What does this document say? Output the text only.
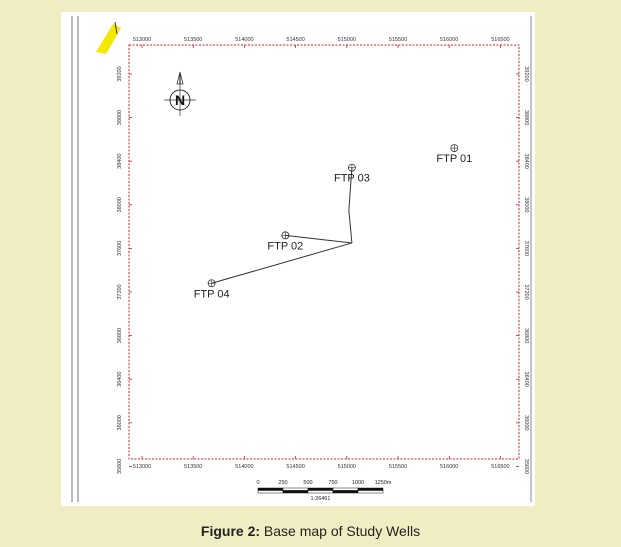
513000	513500	514000	514500	515000	515500	516000	516500
513000	513500	514000	514500	515000	515500	516000	516500
39200
38800
38400
38000
37600
37200
36800
36400
36000
35600
39200
38800
38400
38000
37600
37200
36800
36400
36000
35600
N
FTP 01
FTP 03
FTP 02
FTP 04
0	250	500	750	1000 1250m
1:26461
Figure 2: Base map of Study Wells
